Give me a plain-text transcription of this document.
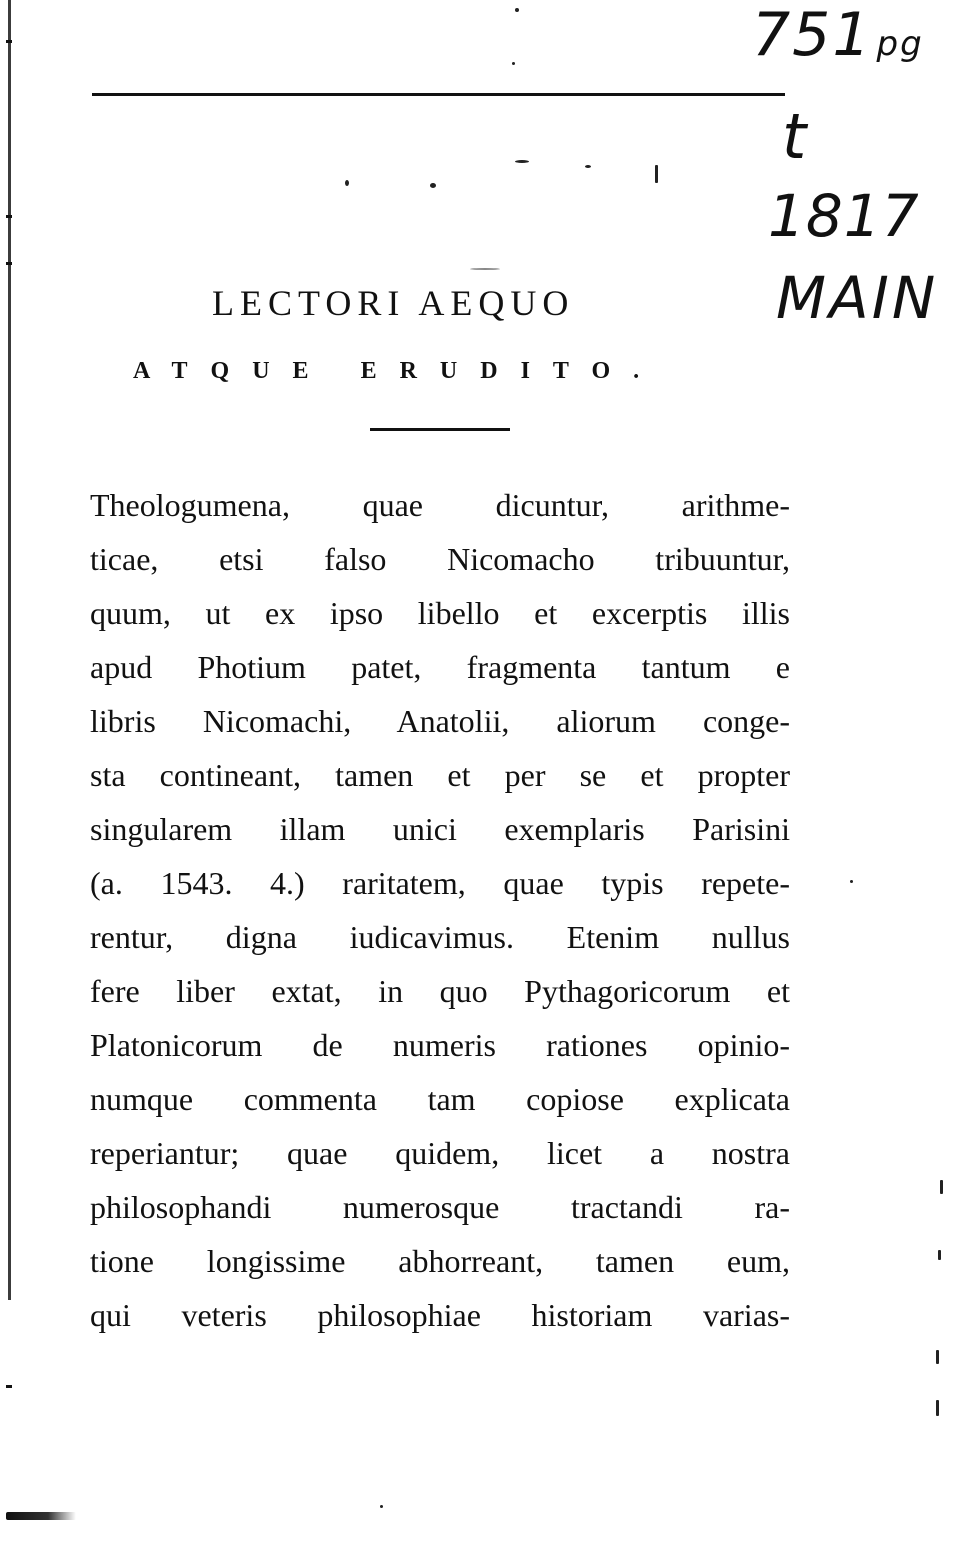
751 pg
t
1817
MAIN
LECTORI AEQUO
ATQUE ERUDITO.
Theologumena, quae dicuntur, arithme-
ticae, etsi falso Nicomacho tribuuntur,
quum, ut ex ipso libello et excerptis illis
apud Photium patet, fragmenta tantum e
libris Nicomachi, Anatolii, aliorum conge-
sta contineant, tamen et per se et propter
singularem illam unici exemplaris Parisini
(a. 1543. 4.) raritatem, quae typis repete-
rentur, digna iudicavimus. Etenim nullus
fere liber extat, in quo Pythagoricorum et
Platonicorum de numeris rationes opinio-
numque commenta tam copiose explicata
reperiantur; quae quidem, licet a nostra
philosophandi numerosque tractandi ra-
tione longissime abhorreant, tamen eum,
qui veteris philosophiae historiam varias-
